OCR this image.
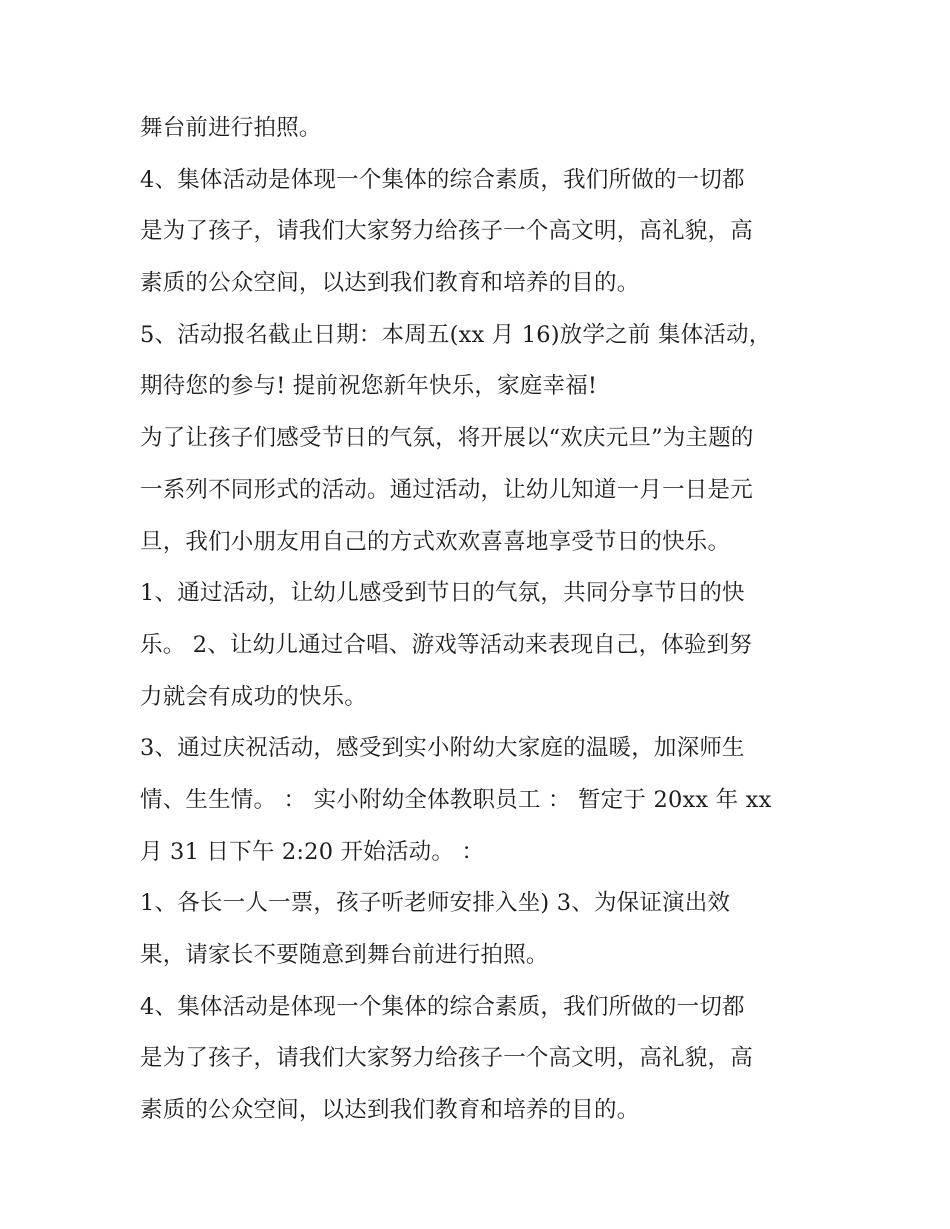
舞台前进行拍照。
4、集体活动是体现一个集体的综合素质，我们所做的一切都
是为了孩子，请我们大家努力给孩子一个高文明，高礼貌，高
素质的公众空间，以达到我们教育和培养的目的。
5、活动报名截止日期：本周五(xx 月 16)放学之前 集体活动，
期待您的参与! 提前祝您新年快乐，家庭幸福!
为了让孩子们感受节日的气氛，将开展以“欢庆元旦”为主题的
一系列不同形式的活动。通过活动，让幼儿知道一月一日是元
旦，我们小朋友用自己的方式欢欢喜喜地享受节日的快乐。
1、通过活动，让幼儿感受到节日的气氛，共同分享节日的快
乐。 2、让幼儿通过合唱、游戏等活动来表现自己，体验到努
力就会有成功的快乐。
3、通过庆祝活动，感受到实小附幼大家庭的温暖，加深师生
情、生生情。 ： 实小附幼全体教职员工 ： 暂定于 20xx 年 xx
月 31 日下午 2:20 开始活动。 ：
1、各长一人一票，孩子听老师安排入坐) 3、为保证演出效
果，请家长不要随意到舞台前进行拍照。
4、集体活动是体现一个集体的综合素质，我们所做的一切都
是为了孩子，请我们大家努力给孩子一个高文明，高礼貌，高
素质的公众空间，以达到我们教育和培养的目的。
